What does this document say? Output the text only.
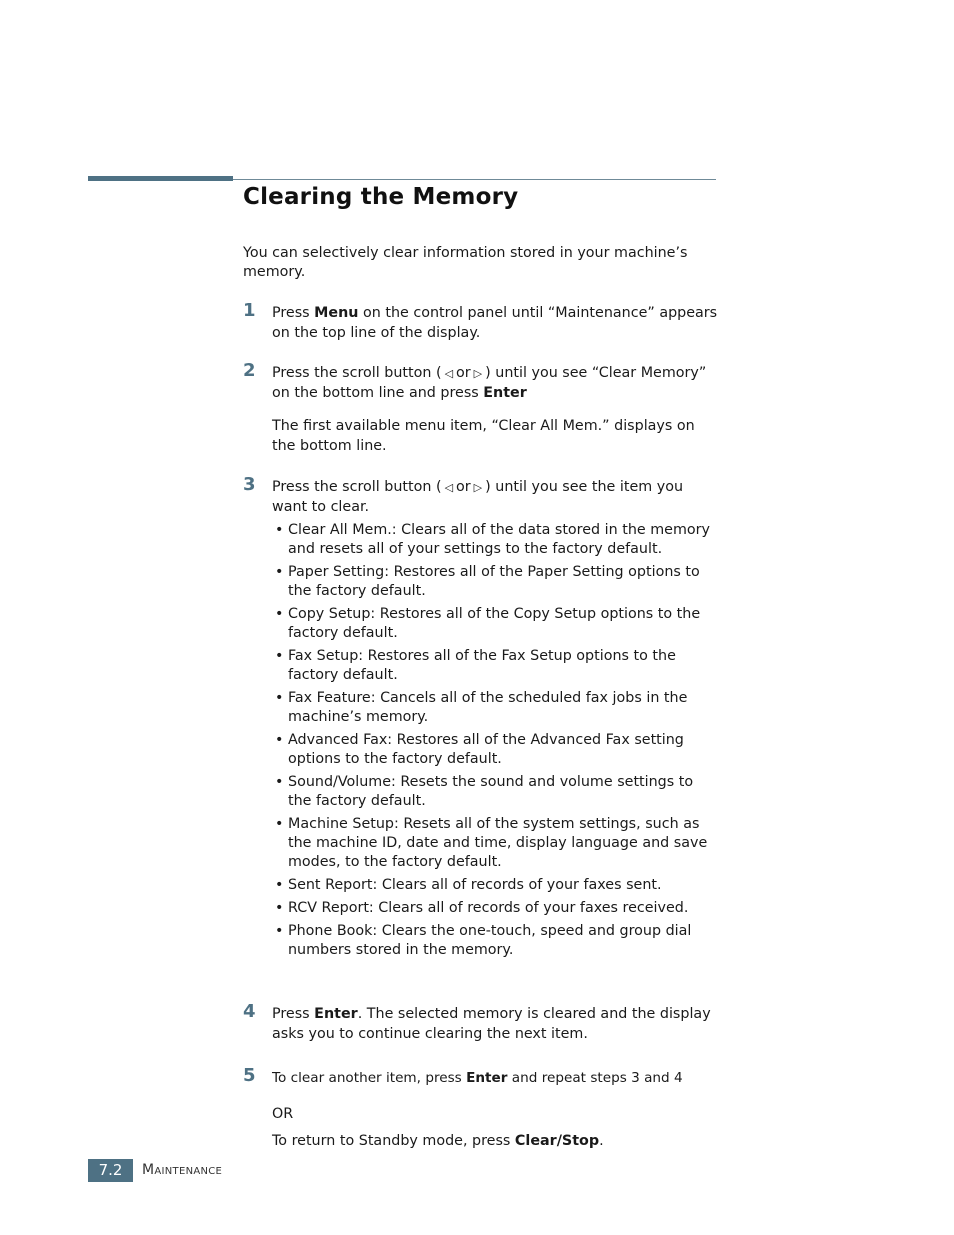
Clearing the Memory

You can selectively clear information stored in your machine’s memory.

1 Press Menu on the control panel until “Maintenance” appears on the top line of the display.

2 Press the scroll button ( ◁ or ▷ ) until you see “Clear Memory” on the bottom line and press Enter

The first available menu item, “Clear All Mem.” displays on the bottom line.

3 Press the scroll button ( ◁ or ▷ ) until you see the item you want to clear.

• Clear All Mem.: Clears all of the data stored in the memory and resets all of your settings to the factory default.
• Paper Setting: Restores all of the Paper Setting options to the factory default.
• Copy Setup: Restores all of the Copy Setup options to the factory default.
• Fax Setup: Restores all of the Fax Setup options to the factory default.
• Fax Feature: Cancels all of the scheduled fax jobs in the machine’s memory.
• Advanced Fax: Restores all of the Advanced Fax setting options to the factory default.
• Sound/Volume: Resets the sound and volume settings to the factory default.
• Machine Setup: Resets all of the system settings, such as the machine ID, date and time, display language and save modes, to the factory default.
• Sent Report: Clears all of records of your faxes sent.
• RCV Report: Clears all of records of your faxes received.
• Phone Book: Clears the one-touch, speed and group dial numbers stored in the memory.
4 Press Enter. The selected memory is cleared and the display asks you to continue clearing the next item.

5 To clear another item, press Enter and repeat steps 3 and 4

OR

To return to Standby mode, press Clear/Stop.

7.2	Maintenance
